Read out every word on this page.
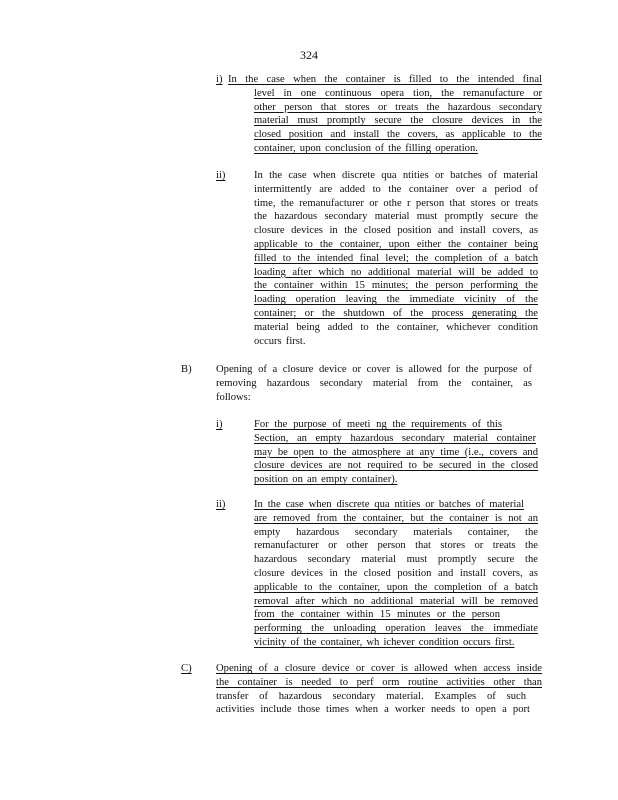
324
i) In the case when the container is filled to the intended final
level in one continuous opera tion, the remanufacture or
other person that stores or treats the hazardous secondary
material must promptly secure the closure devices in the
closed position and install the covers, as applicable to the
container, upon conclusion of the filling operation.
ii)	In the case when discrete qua ntities or batches of material
intermittently are added to the container over a period of
time, the remanufacturer or othe r person that stores or treats
the hazardous secondary material must promptly secure the
closure devices in the closed position and install covers, as
applicable to the container, upon either the container being
filled to the intended final level; the completion of a batch
loading after which no additional material will be added to
the container within 15 minutes; the person performing the
loading operation leaving the immediate vicinity of the
container; or the shutdown of the process generating the
material being added to the container, whichever condition
occurs first.
B) Opening of a closure device or cover is allowed for the purpose of
removing hazardous secondary material from the container, as
follows:
i)	For the purpose of meeti ng the requirements of this
Section, an empty hazardous secondary material container
may be open to the atmosphere at any time (i.e., covers and
closure devices are not required to be secured in the closed
position on an empty container).
ii)	In the case when discrete qua ntities or batches of material
are removed from the container, but the container is not an
empty hazardous secondary materials container, the
remanufacturer or other person that stores or treats the
hazardous secondary material must promptly secure the
closure devices in the closed position and install covers, as
applicable to the container, upon the completion of a batch
removal after which no additional material will be removed
from the container within 15 minutes or the person
performing the unloading operation leaves the immediate
vicinity of the container, wh ichever condition occurs first.
C) Opening of a closure device or cover is allowed when access inside
the container is needed to perf orm routine activities other than
transfer of hazardous secondary material. Examples of such
activities include those times when a worker needs to open a port
